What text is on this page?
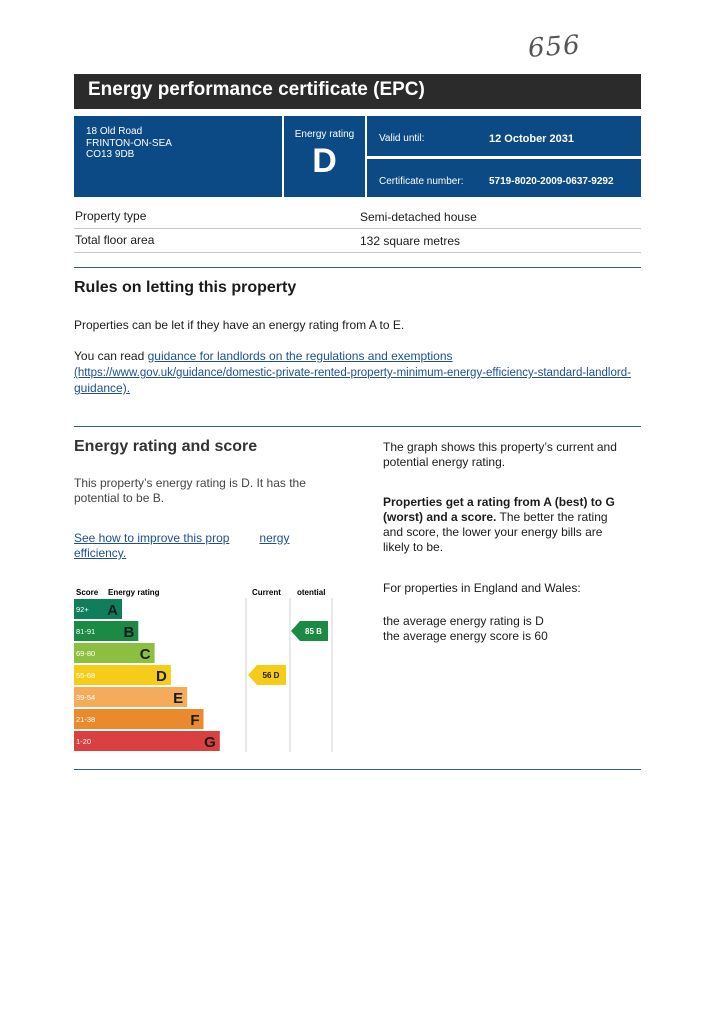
656
Energy performance certificate (EPC)
18 Old Road
FRINTON-ON-SEA
CO13 9DB
Energy rating
D
Valid until:	12 October 2031
Certificate number:	5719-8020-2009-0637-9292
Property type	Semi-detached house
Total floor area	132 square metres
Rules on letting this property
Properties can be let if they have an energy rating from A to E.
You can read guidance for landlords on the regulations and exemptions
(https://www.gov.uk/guidance/domestic-private-rented-property-minimum-energy-efficiency-standard-landlord-
guidance).
Energy rating and score
This property’s energy rating is D. It has the
potential to be B.
See how to improve this prop	nergy
efficiency.
The graph shows this property’s current and
potential energy rating.
Properties get a rating from A (best) to G
(worst) and a score. The better the rating
and score, the lower your energy bills are
likely to be.
For properties in England and Wales:
the average energy rating is D
the average energy score is 60
Score Energy rating	Current otential
92+ A
81-91 B
69-80	C
55-68	D
39-54	E
21-38	F
1-20	G
56 D
85 B
